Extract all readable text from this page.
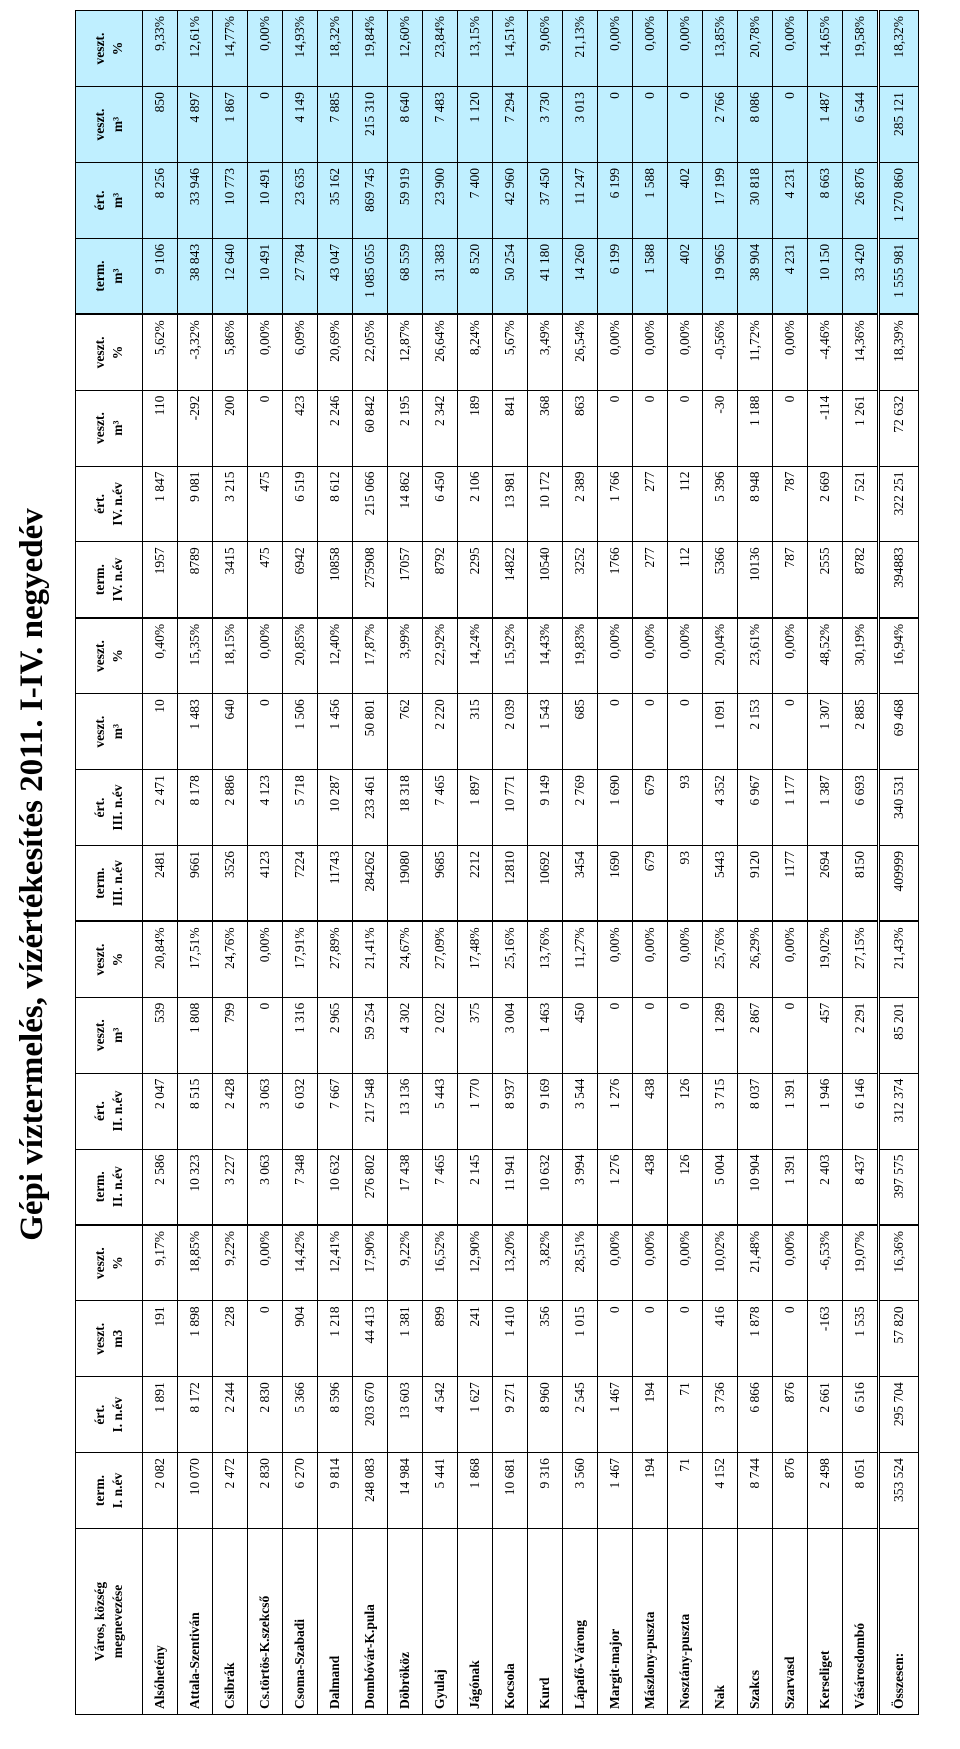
Gépi víztermelés, vízértékesítés 2011. I-IV. negyedév
Város, község megnevezése	term. I. n.év	ért. I. n.év	veszt. m3	veszt. %	term. II. n.év	ért. II. n.év	veszt. m³	veszt. %	term. III. n.év	ért. III. n.év	veszt. m³	veszt. %	term. IV. n.év	ért. IV. n.év	veszt. m³	veszt. %	term. m³	ért. m³	veszt. m³	veszt. %
Alsóhetény	2 082	1 891	191	9,17%	2 586	2 047	539	20,84%	2481	2 471	10	0,40%	1957	1 847	110	5,62%	9 106	8 256	850	9,33%
Attala-Szentiván	10 070	8 172	1 898	18,85%	10 323	8 515	1 808	17,51%	9661	8 178	1 483	15,35%	8789	9 081	-292	-3,32%	38 843	33 946	4 897	12,61%
Csibrák	2 472	2 244	228	9,22%	3 227	2 428	799	24,76%	3526	2 886	640	18,15%	3415	3 215	200	5,86%	12 640	10 773	1 867	14,77%
Cs.törtös-K.szekcső	2 830	2 830	0	0,00%	3 063	3 063	0	0,00%	4123	4 123	0	0,00%	475	475	0	0,00%	10 491	10 491	0	0,00%
Csoma-Szabadi	6 270	5 366	904	14,42%	7 348	6 032	1 316	17,91%	7224	5 718	1 506	20,85%	6942	6 519	423	6,09%	27 784	23 635	4 149	14,93%
Dalmand	9 814	8 596	1 218	12,41%	10 632	7 667	2 965	27,89%	11743	10 287	1 456	12,40%	10858	8 612	2 246	20,69%	43 047	35 162	7 885	18,32%
Dombóvár-K.pula	248 083	203 670	44 413	17,90%	276 802	217 548	59 254	21,41%	284262	233 461	50 801	17,87%	275908	215 066	60 842	22,05%	1 085 055	869 745	215 310	19,84%
Döbrököz	14 984	13 603	1 381	9,22%	17 438	13 136	4 302	24,67%	19080	18 318	762	3,99%	17057	14 862	2 195	12,87%	68 559	59 919	8 640	12,60%
Gyulaj	5 441	4 542	899	16,52%	7 465	5 443	2 022	27,09%	9685	7 465	2 220	22,92%	8792	6 450	2 342	26,64%	31 383	23 900	7 483	23,84%
Jágónak	1 868	1 627	241	12,90%	2 145	1 770	375	17,48%	2212	1 897	315	14,24%	2295	2 106	189	8,24%	8 520	7 400	1 120	13,15%
Kocsola	10 681	9 271	1 410	13,20%	11 941	8 937	3 004	25,16%	12810	10 771	2 039	15,92%	14822	13 981	841	5,67%	50 254	42 960	7 294	14,51%
Kurd	9 316	8 960	356	3,82%	10 632	9 169	1 463	13,76%	10692	9 149	1 543	14,43%	10540	10 172	368	3,49%	41 180	37 450	3 730	9,06%
Lápafő-Várong	3 560	2 545	1 015	28,51%	3 994	3 544	450	11,27%	3454	2 769	685	19,83%	3252	2 389	863	26,54%	14 260	11 247	3 013	21,13%
Margit-major	1 467	1 467	0	0,00%	1 276	1 276	0	0,00%	1690	1 690	0	0,00%	1766	1 766	0	0,00%	6 199	6 199	0	0,00%
Mászlony-puszta	194	194	0	0,00%	438	438	0	0,00%	679	679	0	0,00%	277	277	0	0,00%	1 588	1 588	0	0,00%
Nosztány-puszta	71	71	0	0,00%	126	126	0	0,00%	93	93	0	0,00%	112	112	0	0,00%	402	402	0	0,00%
Nak	4 152	3 736	416	10,02%	5 004	3 715	1 289	25,76%	5443	4 352	1 091	20,04%	5366	5 396	-30	-0,56%	19 965	17 199	2 766	13,85%
Szakcs	8 744	6 866	1 878	21,48%	10 904	8 037	2 867	26,29%	9120	6 967	2 153	23,61%	10136	8 948	1 188	11,72%	38 904	30 818	8 086	20,78%
Szarvasd	876	876	0	0,00%	1 391	1 391	0	0,00%	1177	1 177	0	0,00%	787	787	0	0,00%	4 231	4 231	0	0,00%
Kerseliget	2 498	2 661	-163	-6,53%	2 403	1 946	457	19,02%	2694	1 387	1 307	48,52%	2555	2 669	-114	-4,46%	10 150	8 663	1 487	14,65%
Vásárosdombó	8 051	6 516	1 535	19,07%	8 437	6 146	2 291	27,15%	8150	6 693	2 885	30,19%	8782	7 521	1 261	14,36%	33 420	26 876	6 544	19,58%
Összesen:	353 524	295 704	57 820	16,36%	397 575	312 374	85 201	21,43%	409999	340 531	69 468	16,94%	394883	322 251	72 632	18,39%	1 555 981	1 270 860	285 121	18,32%
